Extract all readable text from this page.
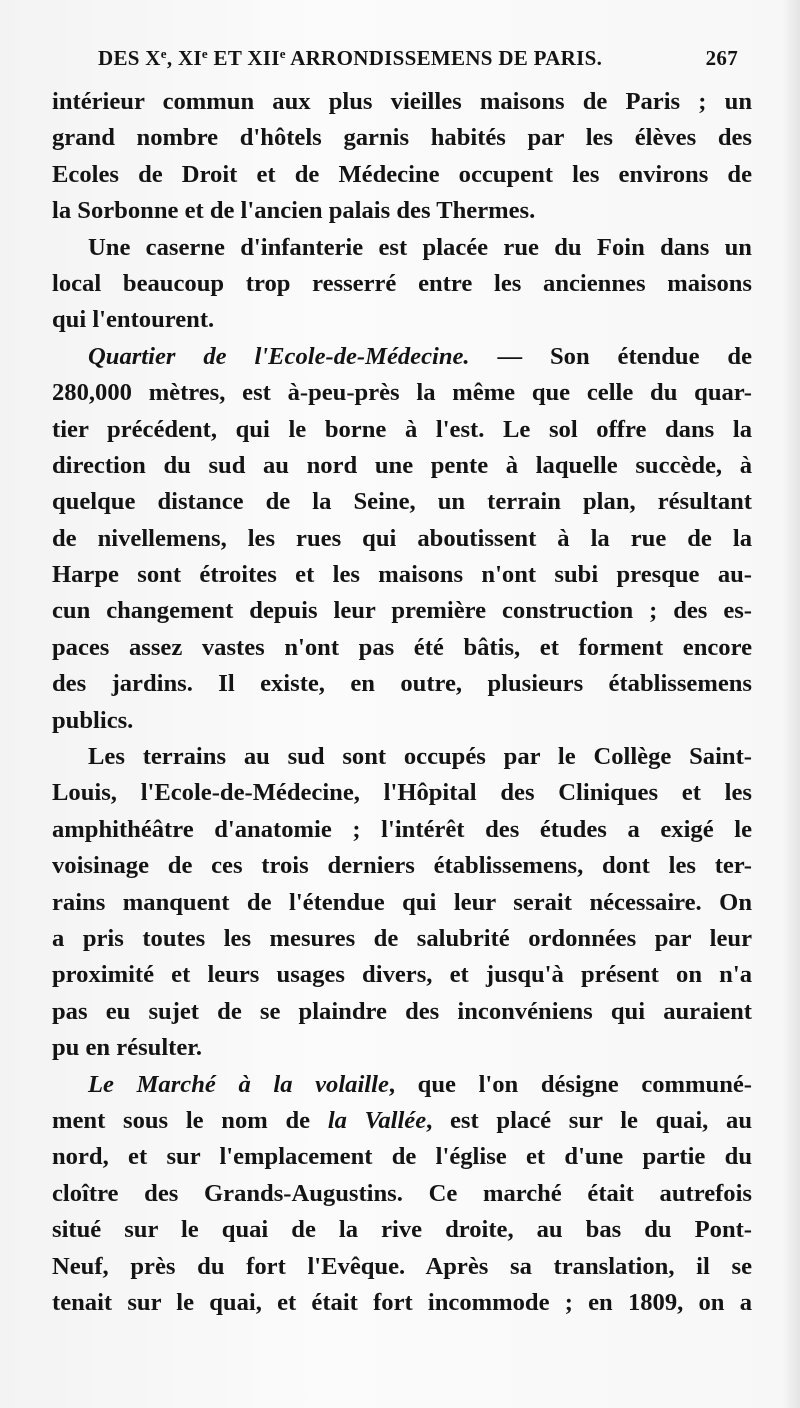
DES Xe, XIe ET XIIe ARRONDISSEMENS DE PARIS.	267
intérieur commun aux plus vieilles maisons de Paris ; un
grand nombre d'hôtels garnis habités par les élèves des
Ecoles de Droit et de Médecine occupent les environs de
la Sorbonne et de l'ancien palais des Thermes.
Une caserne d'infanterie est placée rue du Foin dans un
local beaucoup trop resserré entre les anciennes maisons
qui l'entourent.
Quartier de l'Ecole-de-Médecine. — Son étendue de
280,000 mètres, est à-peu-près la même que celle du quar-
tier précédent, qui le borne à l'est. Le sol offre dans la
direction du sud au nord une pente à laquelle succède, à
quelque distance de la Seine, un terrain plan, résultant
de nivellemens, les rues qui aboutissent à la rue de la
Harpe sont étroites et les maisons n'ont subi presque au-
cun changement depuis leur première construction ; des es-
paces assez vastes n'ont pas été bâtis, et forment encore
des jardins. Il existe, en outre, plusieurs établissemens
publics.
Les terrains au sud sont occupés par le Collège Saint-
Louis, l'Ecole-de-Médecine, l'Hôpital des Cliniques et les
amphithéâtre d'anatomie ; l'intérêt des études a exigé le
voisinage de ces trois derniers établissemens, dont les ter-
rains manquent de l'étendue qui leur serait nécessaire. On
a pris toutes les mesures de salubrité ordonnées par leur
proximité et leurs usages divers, et jusqu'à présent on n'a
pas eu sujet de se plaindre des inconvéniens qui auraient
pu en résulter.
Le Marché à la volaille, que l'on désigne communé-
ment sous le nom de la Vallée, est placé sur le quai, au
nord, et sur l'emplacement de l'église et d'une partie du
cloître des Grands-Augustins. Ce marché était autrefois
situé sur le quai de la rive droite, au bas du Pont-
Neuf, près du fort l'Evêque. Après sa translation, il se
tenait sur le quai, et était fort incommode ; en 1809, on a
